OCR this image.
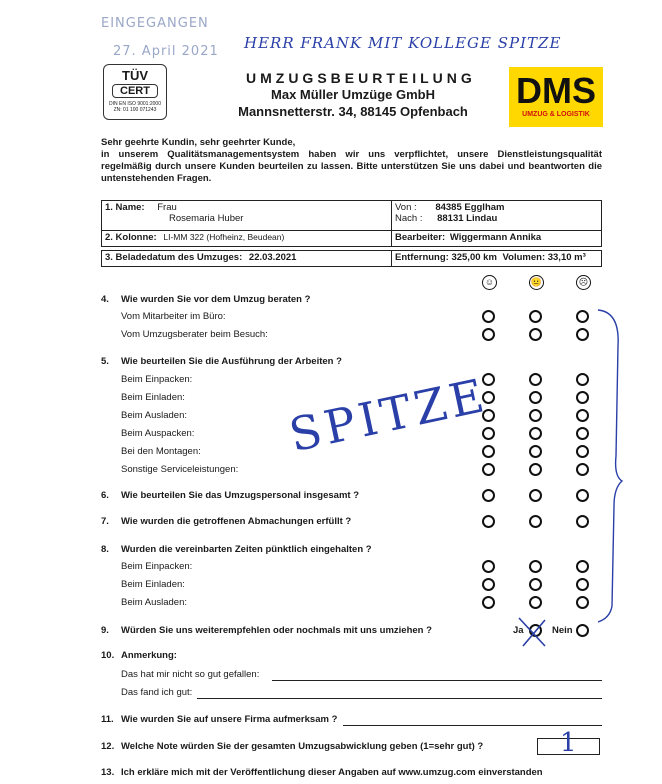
EINGEGANGEN
27. April 2021 HERR FRANK MIT KOLLEGE SPITZE
TÜV
CERT
DIN EN ISO 9001:2000
ZN: 01 100 071243
UMZUGSBEURTEILUNG
Max Müller Umzüge GmbH
Mannsnetterstr. 34, 88145 Opfenbach
DMS
UMZUG & LOGISTIK
Sehr geehrte Kundin, sehr geehrter Kunde,
in unserem Qualitätsmanagementsystem haben wir uns verpflichtet, unsere Dienstleistungsqualität regelmäßig durch unsere Kunden beurteilen zu lassen. Bitte unterstützen Sie uns dabei und beantworten die untenstehenden Fragen.
1. Name: Frau
Rosemaria Huber	Von : 84385 Egglham
Nach : 88131 Lindau
2. Kolonne: LI-MM 322 (Hofheinz, Beudean)	Bearbeiter: Wiggermann Annika

3. Beladedatum des Umzuges: 22.03.2021	Entfernung: 325,00 km Volumen: 33,10 m³
☺	😐	☹
4. Wie wurden Sie vor dem Umzug beraten ?
Vom Mitarbeiter im Büro:
Vom Umzugsberater beim Besuch:
5. Wie beurteilen Sie die Ausführung der Arbeiten ?
Beim Einpacken:
Beim Einladen:
Beim Ausladen:
Beim Auspacken:
Bei den Montagen:
Sonstige Serviceleistungen:
SPITZE
6. Wie beurteilen Sie das Umzugspersonal insgesamt ?
7. Wie wurden die getroffenen Abmachungen erfüllt ?
8. Wurden die vereinbarten Zeiten pünktlich eingehalten ?
Beim Einpacken:
Beim Einladen:
Beim Ausladen:
9. Würden Sie uns weiterempfehlen oder nochmals mit uns umziehen ?	Ja	Nein
10. Anmerkung:
Das hat mir nicht so gut gefallen:
Das fand ich gut:
11. Wie wurden Sie auf unsere Firma aufmerksam ?
12. Welche Note würden Sie der gesamten Umzugsabwicklung geben (1=sehr gut) ?	1
13. Ich erkläre mich mit der Veröffentlichung dieser Angaben auf www.umzug.com einverstanden
